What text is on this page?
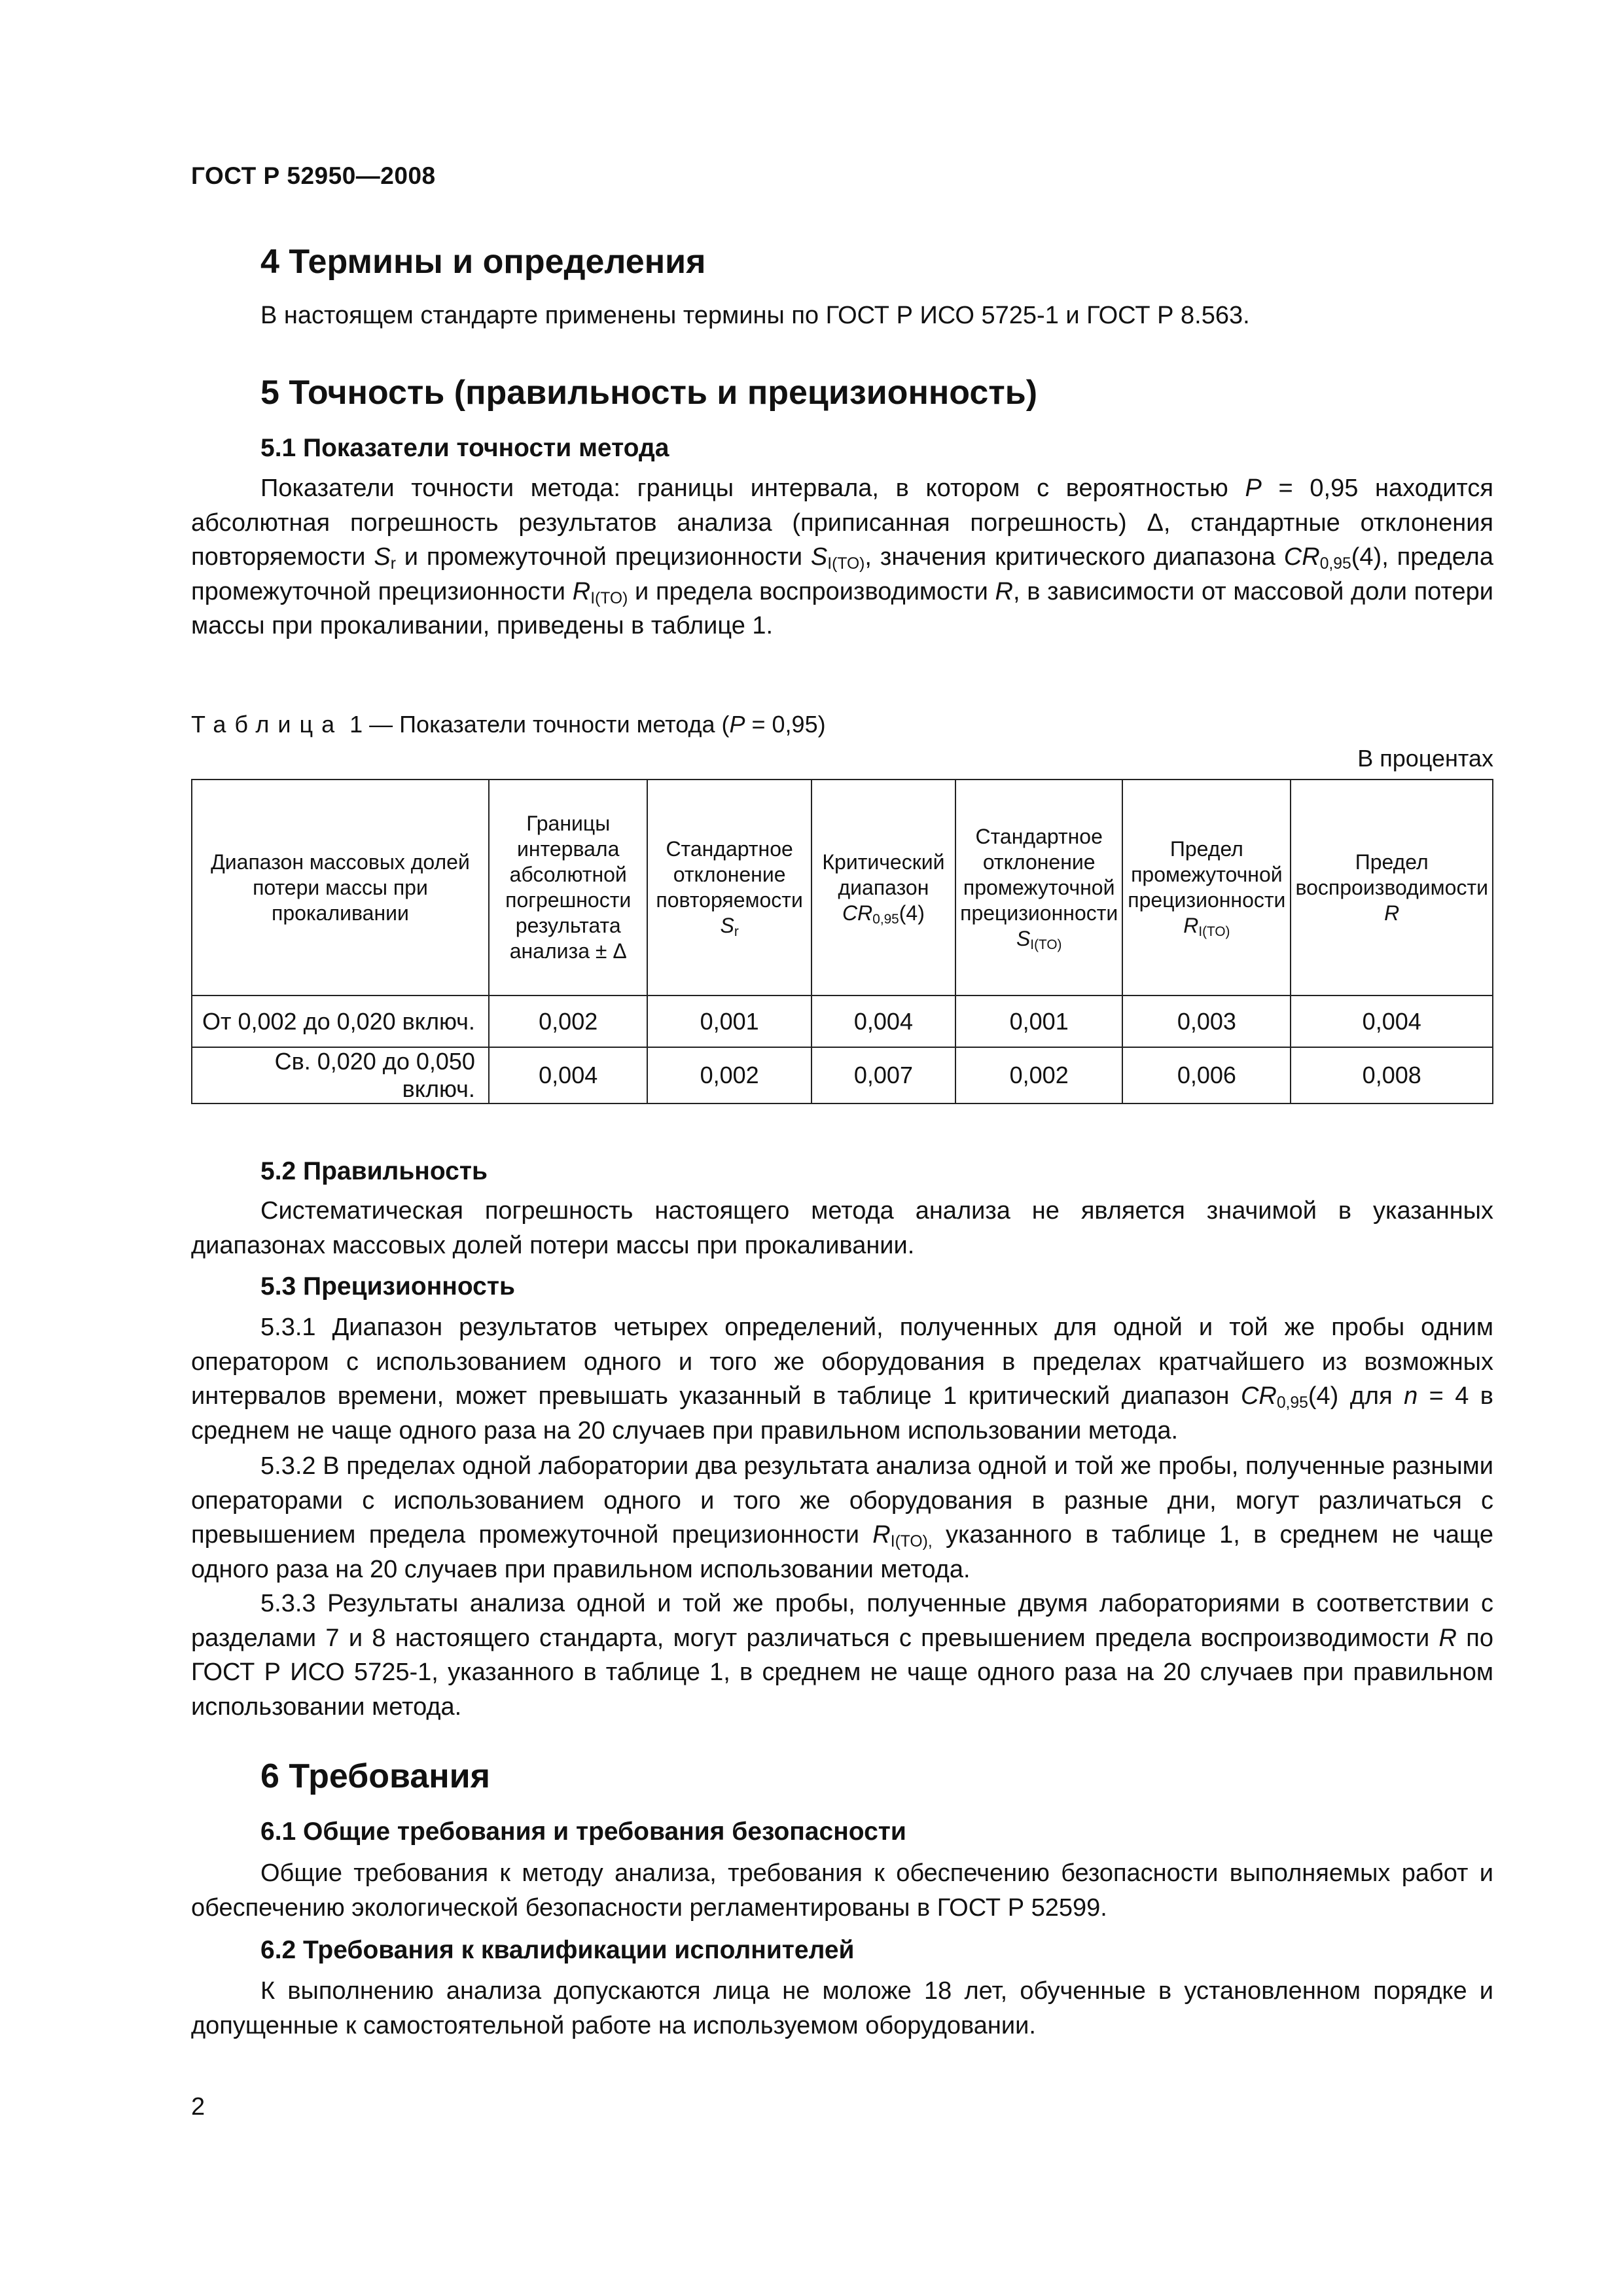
ГОСТ Р 52950—2008
4 Термины и определения

В настоящем стандарте применены термины по ГОСТ Р ИСО 5725-1 и ГОСТ Р 8.563.

5 Точность (правильность и прецизионность)
5.1 Показатели точности метода

Показатели точности метода: границы интервала, в котором с вероятностью P = 0,95 находится абсолютная погрешность результатов анализа (приписанная погрешность) Δ, стандартные отклонения повторяемости $S_r$ и промежуточной прецизионности $S_{I(TO)}$, значения критического диапазона $CR_{0,95}(4)$, предела промежуточной прецизионности $R_{I(TO)}$ и предела воспроизводимости R, в зависимости от массовой доли потери массы при прокаливании, приведены в таблице 1.

Таблица 1 — Показатели точности метода (P = 0,95)
В процентах
Диапазон массовых долей потери массы при прокаливании	Границы интервала абсолютной погрешности результата анализа ± Δ	Стандартное отклонение повторяемости $S_r$	Критический диапазон
$CR_{0,95}(4)$	Стандартное отклонение промежуточной прецизионности
$S_{I(TO)}$	Предел промежуточной прецизионности $R_{I(TO)}$	Предел воспроизводимости R
От 0,002 до 0,020 включ.	0,002	0,001	0,004	0,001	0,003	0,004
Св. 0,020 до 0,050 включ.	0,004	0,002	0,007	0,002	0,006	0,008
5.2 Правильность

Систематическая погрешность настоящего метода анализа не является значимой в указанных диапазонах массовых долей потери массы при прокаливании.

5.3 Прецизионность

5.3.1 Диапазон результатов четырех определений, полученных для одной и той же пробы одним оператором с использованием одного и того же оборудования в пределах кратчайшего из возможных интервалов времени, может превышать указанный в таблице 1 критический диапазон $CR_{0,95}(4)$ для n = 4 в среднем не чаще одного раза на 20 случаев при правильном использовании метода.

5.3.2 В пределах одной лаборатории два результата анализа одной и той же пробы, полученные разными операторами с использованием одного и того же оборудования в разные дни, могут различаться с превышением предела промежуточной прецизионности $R_{I(TO),}$ указанного в таблице 1, в среднем не чаще одного раза на 20 случаев при правильном использовании метода.

5.3.3 Результаты анализа одной и той же пробы, полученные двумя лабораториями в соответствии с разделами 7 и 8 настоящего стандарта, могут различаться с превышением предела воспроизводимости R по ГОСТ Р ИСО 5725-1, указанного в таблице 1, в среднем не чаще одного раза на 20 случаев при правильном использовании метода.

6 Требования
6.1 Общие требования и требования безопасности

Общие требования к методу анализа, требования к обеспечению безопасности выполняемых работ и обеспечению экологической безопасности регламентированы в ГОСТ Р 52599.

6.2 Требования к квалификации исполнителей

К выполнению анализа допускаются лица не моложе 18 лет, обученные в установленном порядке и допущенные к самостоятельной работе на используемом оборудовании.

2
